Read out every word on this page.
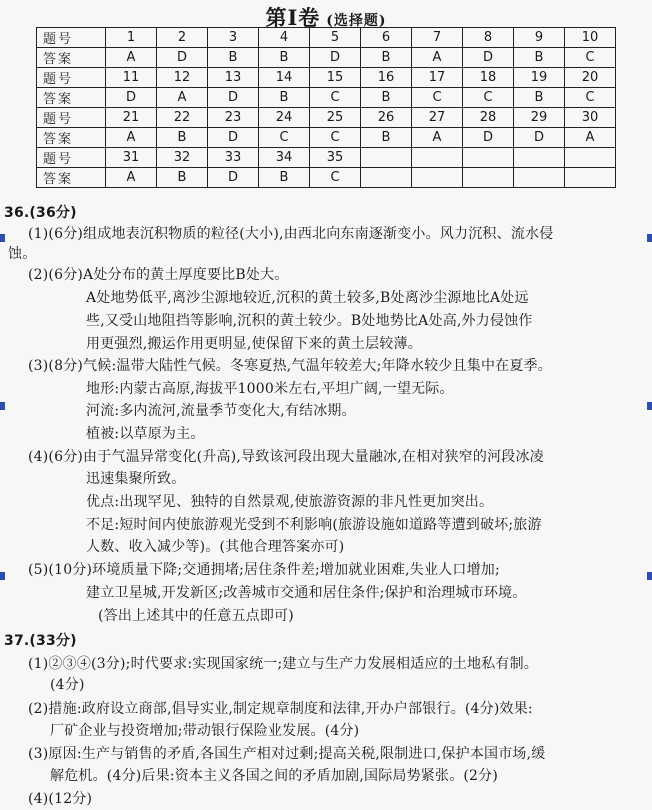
第Ⅰ卷 (选择题)
题号	1	2	3	4	5	6	7	8	9	10
答案	A	D	B	B	D	B	A	D	B	C
题号	11	12	13	14	15	16	17	18	19	20
答案	D	A	D	B	C	B	C	C	B	C
题号	21	22	23	24	25	26	27	28	29	30
答案	A	B	D	C	C	B	A	D	D	A
题号	31	32	33	34	35					
答案	A	B	D	B	C					
36.(36分)
(1)(6分)组成地表沉积物质的粒径(大小),由西北向东南逐渐变小。风力沉积、流水侵
蚀。
(2)(6分)A处分布的黄土厚度要比B处大。
A处地势低平,离沙尘源地较近,沉积的黄土较多,B处离沙尘源地比A处远
些,又受山地阻挡等影响,沉积的黄土较少。B处地势比A处高,外力侵蚀作
用更强烈,搬运作用更明显,使保留下来的黄土层较薄。
(3)(8分)气候:温带大陆性气候。冬寒夏热,气温年较差大;年降水较少且集中在夏季。
地形:内蒙古高原,海拔平1000米左右,平坦广阔,一望无际。
河流:多内流河,流量季节变化大,有结冰期。
植被:以草原为主。
(4)(6分)由于气温异常变化(升高),导致该河段出现大量融冰,在相对狭窄的河段冰凌
迅速集聚所致。
优点:出现罕见、独特的自然景观,使旅游资源的非凡性更加突出。
不足:短时间内使旅游观光受到不利影响(旅游设施如道路等遭到破坏;旅游
人数、收入减少等)。(其他合理答案亦可)
(5)(10分)环境质量下降;交通拥堵;居住条件差;增加就业困难,失业人口增加;
建立卫星城,开发新区;改善城市交通和居住条件;保护和治理城市环境。
(答出上述其中的任意五点即可)
37.(33分)
(1)②③④(3分);时代要求:实现国家统一;建立与生产力发展相适应的土地私有制。
(4分)
(2)措施:政府设立商部,倡导实业,制定规章制度和法律,开办户部银行。(4分)效果:
厂矿企业与投资增加;带动银行保险业发展。(4分)
(3)原因:生产与销售的矛盾,各国生产相对过剩;提高关税,限制进口,保护本国市场,缓
解危机。(4分)后果:资本主义各国之间的矛盾加剧,国际局势紧张。(2分)
(4)(12分)
